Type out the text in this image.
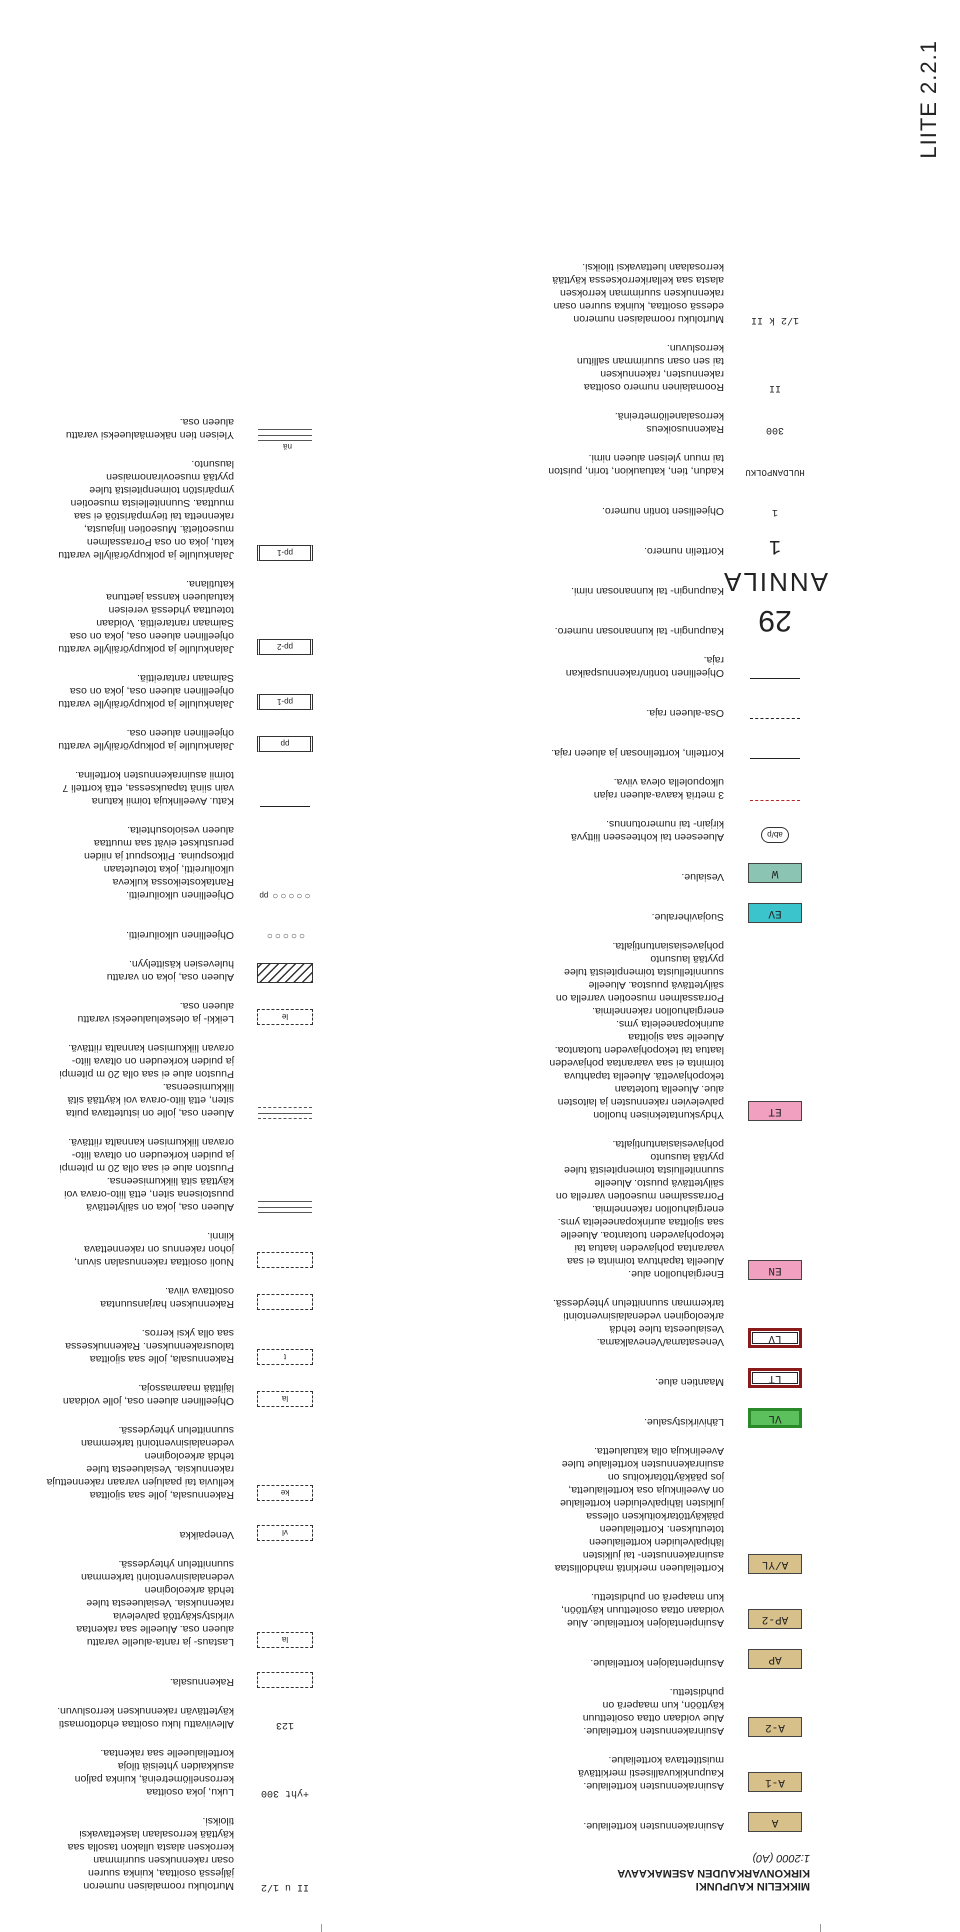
LIITE 2.2.1
MIKKELIN KAUPUNKI
KIRKONVARKAUDEN ASEMAKAAVA
1:2000 (A0)
A
Asuinrakennusten korttelialue.
A-1
Asuinrakennusten korttelialue.
Kaupunkikuvallisesti merkittävä
muistitettava korttelialue.
A-2
Asuinrakennusten korttelialue.
Alue voidaan ottaa osoitettuun
käyttöön, kun maaperä on
puhdistettu.
AP
Asuinpientalojen korttelialue.
AP-2
Asuinpientalojen korttelialue. Alue
voidaan ottaa osoitettuun käyttöön,
kun maaperä on puhdistettu.
A/YL
Korttelialueen merkintä mahdollistaa
asuinrakennusten- tai julkisten
lähipalveluiden korttelialueen
toteutuksen. Korttelialueen
pääkäyttötarkoituksen ollessa
julkisten lähipalveluiden korttelialue
on Aveelinkuja osa korttelialuetta,
jos pääkäyttötarkoitus on
asuinrakennusten korttelialue tulee
Aveelinkuja olla katualuetta.
VL
Lähivirkistysalue.
LT
Maantien alue.
LV
Venesatama/Venevalkama.
Vesialueesta tulee tehdä
arkeologinen vedenalaisinventointi
tarkemman suunnittelun yhteydessä.
EN
Energiahuollon alue.
Alueella tapahtuva toiminta ei saa
vaarantaa pohjaveden laatua tai
tekopohjaveden tuotantoa. Alueelle
saa sijoittaa aurinkopaneeleita yms.
energiahuollon rakennelmia.
Porrassalmen museotien varrella on
säilytettävä puusto. Alueelle
suunnitelluista toimenpiteistä tulee
pyytää lausunto
pohjavesiasiantuntijalta.
ET
Yhdyskuntateknisen huollon
palvelevien rakennusten ja laitosten
alue. Alueella tuotetaan
tekopohjavettä. Alueella tapahtuva
toiminta ei saa vaarantaa pohjaveden
laatua tai tekopohjaveden tuotantoa.
Alueelle saa sijoittaa
aurinkopaneeleita yms.
energiahuollon rakennelmia.
Porrassalmen museotien varrella on
säilytettävä puustoa. Alueelle
suunnitelluista toimenpiteistä tulee
pyytää lausunto
pohjavesiasiantuntijalta.
EV
Suojaviheralue.
W
Vesialue.
ab/p
Alueeseen tai kohteeseen liittyvä
kirjain- tai numerotunnus.
3 metriä kaava-alueen rajan
ulkopuolella oleva viiva.
Korttelin, korttelinosan ja alueen raja.
Osa-alueen raja.
Ohjeellinen tontin/rakennuspaikan
raja.
29
Kaupungin- tai kunnanosan numero.
ANNILA
Kaupungin- tai kunnanosan nimi.
1
Korttelin numero.
1
Ohjeellisen tontin numero.
HULDANPOLKU
Kadun, tien, katuaukion, torin, puiston
tai muun yleisen alueen nimi.
300
Rakennusoikeus
kerrosalaneliömetreinä.
II
Roomalainen numero osoittaa
rakennusten, rakennuksen
tai sen osan suurimman sallitun
kerrosluvun.
1/2 k II
Murtoluku roomalaisen numeron
edessä osoittaa, kuinka suuren osan
rakennuksen suurimman kerroksen
alasta saa kellarikerroksessa käyttää
kerrosalaan luettavaksi tiloiksi.
II u 1/2
Murtoluku roomalaisen numeron
jäljessä osoittaa, kuinka suuren
osan rakennuksen suurimman
kerroksen alasta ullakon tasolla saa
käyttää kerrosalaan laskettavaksi
tiloiksi.
+yht 300
Luku, joka osoittaa
kerrosneliömetreinä, kuinka paljon
asukkaiden yhteisiä tiloja
korttelialueelle saa rakentaa.
123
Alleviivattu luku osoittaa ehdottomasti
käytettävän rakennuksen kerrosluvun.
Rakennusala.
la
Lastaus- ja ranta-aluelle varattu
alueen osa. Alueelle saa rakentaa
virkistyskäyttöä palvelevia
rakennuksia. Vesialueesta tulee
tehdä arkeologinen
vedenalaisinventointi tarkemman
suunnittelun yhteydessä.
vl
Venepaikka
ke
Rakennusala, jolle saa sijoittaa
kelluvia tai paalujen varaan rakennettuja
rakennuksia. Vesialueesta tulee
tehdä arkeologinen
vedenalaisinventointi tarkemman
suunnittelun yhteydessä.
la
Ohjeellinen alueen osa, jolle voidaan
läjittää maamassoja.
t
Rakennusala, jolle saa sijoittaa
talousrakennuksen. Rakennuksessa
saa olla yksi kerros.
Rakennuksen harjansuuntaa
osoittava viiva.
Nuoli osoittaa rakennusalan sivun,
johon rakennus on rakennettava
kiinni.
Alueen osa, joka on säilytettävä
puustoisena siten, että liito-orava voi
käyttää sitä liikkumiseensa.
Puuston alue ei saa olla 20 m pitempi
ja puiden korkeuden on oltava liito-
oravan liikkumisen kannalta riittävä.
Alueen osa, jolle on istutettava puita
siten, että liito-orava voi käyttää sitä
liikkumiseensa.
Puuston alue ei saa olla 20 m pitempi
ja puiden korkeuden on oltava liito-
oravan liikkumisen kannalta riittävä.
le
Leikki- ja oleskelualueeksi varattu
alueen osa.
Alueen osa, joka on varattu
hulevesien käsittelyyn.
○○○○○
Ohjeellinen ulkoilureitti.
○○○○○
pp
Ohjeellinen ulkoilureitti.
Rantakosteikossa kulkeva
ulkoilureitti, joka toteutetaan
pitkospuina. Pitkospuut ja niiden
perustukset eivät saa muuttaa
alueen vesiolosuhteita.
Katu. Aveelinkuja toimii katuna
vain siinä tapauksessa, että kortteli 7
toimii asuinrakennusten korttelina.
pp
Jalankululle ja polkupyöräilylle varattu
ohjeellinen alueen osa.
pp-1
Jalankululle ja polkupyöräilylle varattu
ohjeellinen alueen osa, joka on osa
Saimaan rantareittiä.
pp-2
Jalankululle ja polkupyöräilylle varattu
ohjeellinen alueen osa, joka on osa
Saimaan rantareittiä. Voidaan
toteuttaa yhdessä vereisen
katualueen kanssa jaettuna
katutilana.
pp-1
Jalankululle ja polkupyöräilylle varattu
katu, joka on osa Porrassalmen
museotietä. Museotien linjausta,
rakennetta tai tieympäristöä ei saa
muuttaa. Suunnitelleista museotien
ympäristön toimenpiteistä tulee
pyytää museoviranomaisen
lausunto.
nä
Yleisen tien näkemäalueeksi varattu
alueen osa.
